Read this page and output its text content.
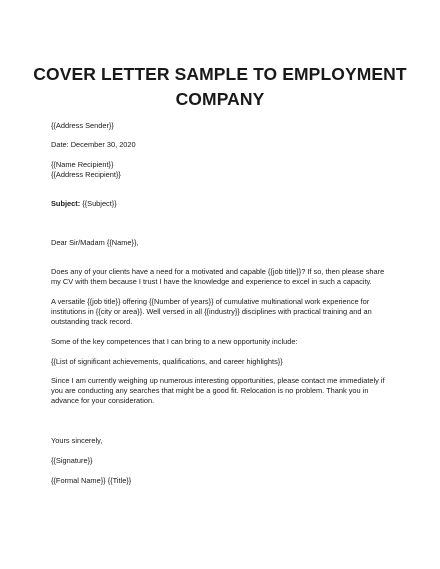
COVER LETTER SAMPLE TO EMPLOYMENT COMPANY
{{Address Sender}}
Date: December 30, 2020
{{Name Recipient}}
{{Address Recipient}}
Subject: {{Subject}}
Dear Sir/Madam {{Name}},
Does any of your clients have a need for a motivated and capable {{job title}}? If so, then please share my CV with them because I trust I have the knowledge and experience to excel in such a capacity.
A versatile {{job title}} offering {{Number of years}} of cumulative multinational work experience for institutions in {{city or area}}. Well versed in all {{industry}} disciplines with practical training and an outstanding track record.
Some of the key competences that I can bring to a new opportunity include:
{{List of significant achievements, qualifications, and career highlights}}
Since I am currently weighing up numerous interesting opportunities, please contact me immediately if you are conducting any searches that might be a good fit. Relocation is no problem. Thank you in advance for your consideration.
Yours sincerely,
{{Signature}}
{{Formal Name}} {{Title}}
